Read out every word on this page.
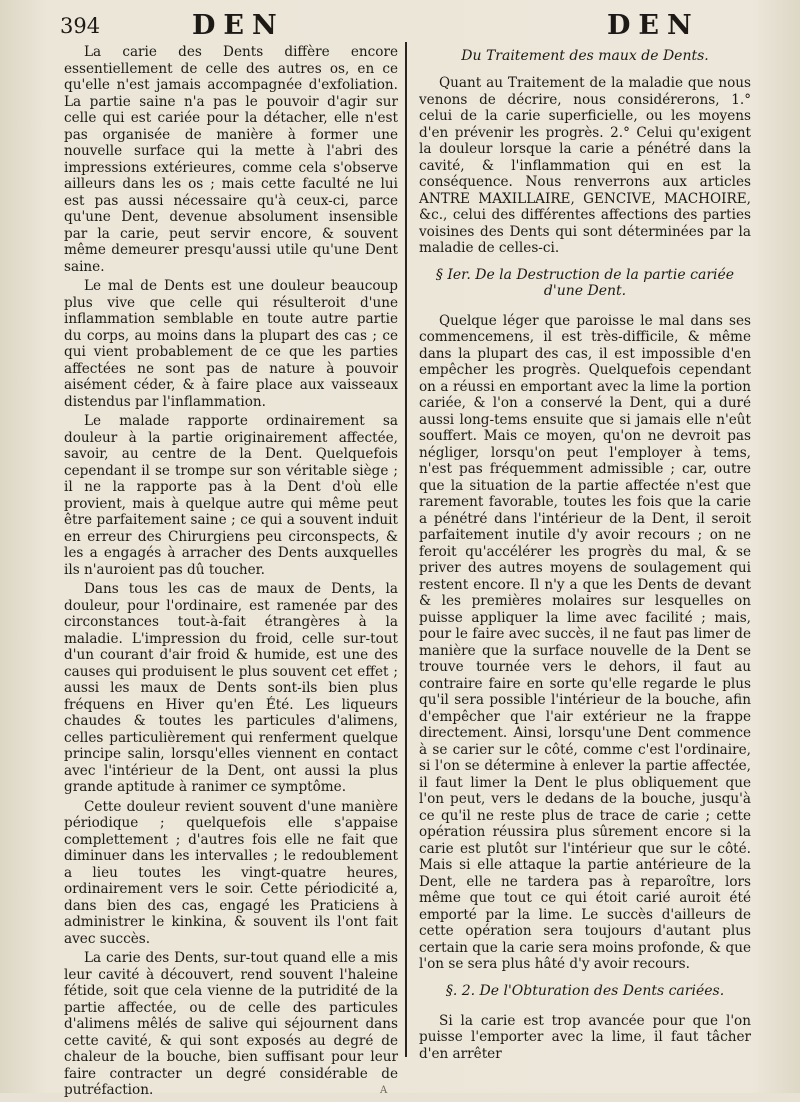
394	DEN	DEN

La carie des Dents diffère encore essentiellement de celle des autres os, en ce qu'elle n'est jamais accompagnée d'exfoliation. La partie saine n'a pas le pouvoir d'agir sur celle qui est cariée pour la détacher, elle n'est pas organisée de manière à former une nouvelle surface qui la mette à l'abri des impressions extérieures, comme cela s'observe ailleurs dans les os ; mais cette faculté ne lui est pas aussi nécessaire qu'à ceux-ci, parce qu'une Dent, devenue absolument insensible par la carie, peut servir encore, & souvent même demeurer presqu'aussi utile qu'une Dent saine.

Le mal de Dents est une douleur beaucoup plus vive que celle qui résulteroit d'une inflammation semblable en toute autre partie du corps, au moins dans la plupart des cas ; ce qui vient probablement de ce que les parties affectées ne sont pas de nature à pouvoir aisément céder, & à faire place aux vaisseaux distendus par l'inflammation.

Le malade rapporte ordinairement sa douleur à la partie originairement affectée, savoir, au centre de la Dent. Quelquefois cependant il se trompe sur son véritable siège ; il ne la rapporte pas à la Dent d'où elle provient, mais à quelque autre qui même peut être parfaitement saine ; ce qui a souvent induit en erreur des Chirurgiens peu circonspects, & les a engagés à arracher des Dents auxquelles ils n'auroient pas dû toucher.

Dans tous les cas de maux de Dents, la douleur, pour l'ordinaire, est ramenée par des circonstances tout-à-fait étrangères à la maladie. L'impression du froid, celle sur-tout d'un courant d'air froid & humide, est une des causes qui produisent le plus souvent cet effet ; aussi les maux de Dents sont-ils bien plus fréquens en Hiver qu'en Été. Les liqueurs chaudes & toutes les particules d'alimens, celles particulièrement qui renferment quelque principe salin, lorsqu'elles viennent en contact avec l'intérieur de la Dent, ont aussi la plus grande aptitude à ranimer ce symptôme.

Cette douleur revient souvent d'une manière périodique ; quelquefois elle s'appaise complettement ; d'autres fois elle ne fait que diminuer dans les intervalles ; le redoublement a lieu toutes les vingt-quatre heures, ordinairement vers le soir. Cette périodicité a, dans bien des cas, engagé les Praticiens à administrer le kinkina, & souvent ils l'ont fait avec succès.

La carie des Dents, sur-tout quand elle a mis leur cavité à découvert, rend souvent l'haleine fétide, soit que cela vienne de la putridité de la partie affectée, ou de celle des particules d'alimens mêlés de salive qui séjournent dans cette cavité, & qui sont exposés au degré de chaleur de la bouche, bien suffisant pour leur faire contracter un degré considérable de putréfaction.

Du Traitement des maux de Dents.

Quant au Traitement de la maladie que nous venons de décrire, nous considérerons, 1.° celui de la carie superficielle, ou les moyens d'en prévenir les progrès. 2.° Celui qu'exigent la douleur lorsque la carie a pénétré dans la cavité, & l'inflammation qui en est la conséquence. Nous renverrons aux articles ANTRE MAXILLAIRE, GENCIVE, MACHOIRE, &c., celui des différentes affections des parties voisines des Dents qui sont déterminées par la maladie de celles-ci.

§ Ier. De la Destruction de la partie cariée d'une Dent.

Quelque léger que paroisse le mal dans ses commencemens, il est très-difficile, & même dans la plupart des cas, il est impossible d'en empêcher les progrès. Quelquefois cependant on a réussi en emportant avec la lime la portion cariée, & l'on a conservé la Dent, qui a duré aussi long-tems ensuite que si jamais elle n'eût souffert. Mais ce moyen, qu'on ne devroit pas négliger, lorsqu'on peut l'employer à tems, n'est pas fréquemment admissible ; car, outre que la situation de la partie affectée n'est que rarement favorable, toutes les fois que la carie a pénétré dans l'intérieur de la Dent, il seroit parfaitement inutile d'y avoir recours ; on ne feroit qu'accélérer les progrès du mal, & se priver des autres moyens de soulagement qui restent encore. Il n'y a que les Dents de devant & les premières molaires sur lesquelles on puisse appliquer la lime avec facilité ; mais, pour le faire avec succès, il ne faut pas limer de manière que la surface nouvelle de la Dent se trouve tournée vers le dehors, il faut au contraire faire en sorte qu'elle regarde le plus qu'il sera possible l'intérieur de la bouche, afin d'empêcher que l'air extérieur ne la frappe directement. Ainsi, lorsqu'une Dent commence à se carier sur le côté, comme c'est l'ordinaire, si l'on se détermine à enlever la partie affectée, il faut limer la Dent le plus obliquement que l'on peut, vers le dedans de la bouche, jusqu'à ce qu'il ne reste plus de trace de carie ; cette opération réussira plus sûrement encore si la carie est plutôt sur l'intérieur que sur le côté. Mais si elle attaque la partie antérieure de la Dent, elle ne tardera pas à reparoître, lors même que tout ce qui étoit carié auroit été emporté par la lime. Le succès d'ailleurs de cette opération sera toujours d'autant plus certain que la carie sera moins profonde, & que l'on se sera plus hâté d'y avoir recours.

§. 2. De l'Obturation des Dents cariées.

Si la carie est trop avancée pour que l'on puisse l'emporter avec la lime, il faut tâcher d'en arrêter

A
